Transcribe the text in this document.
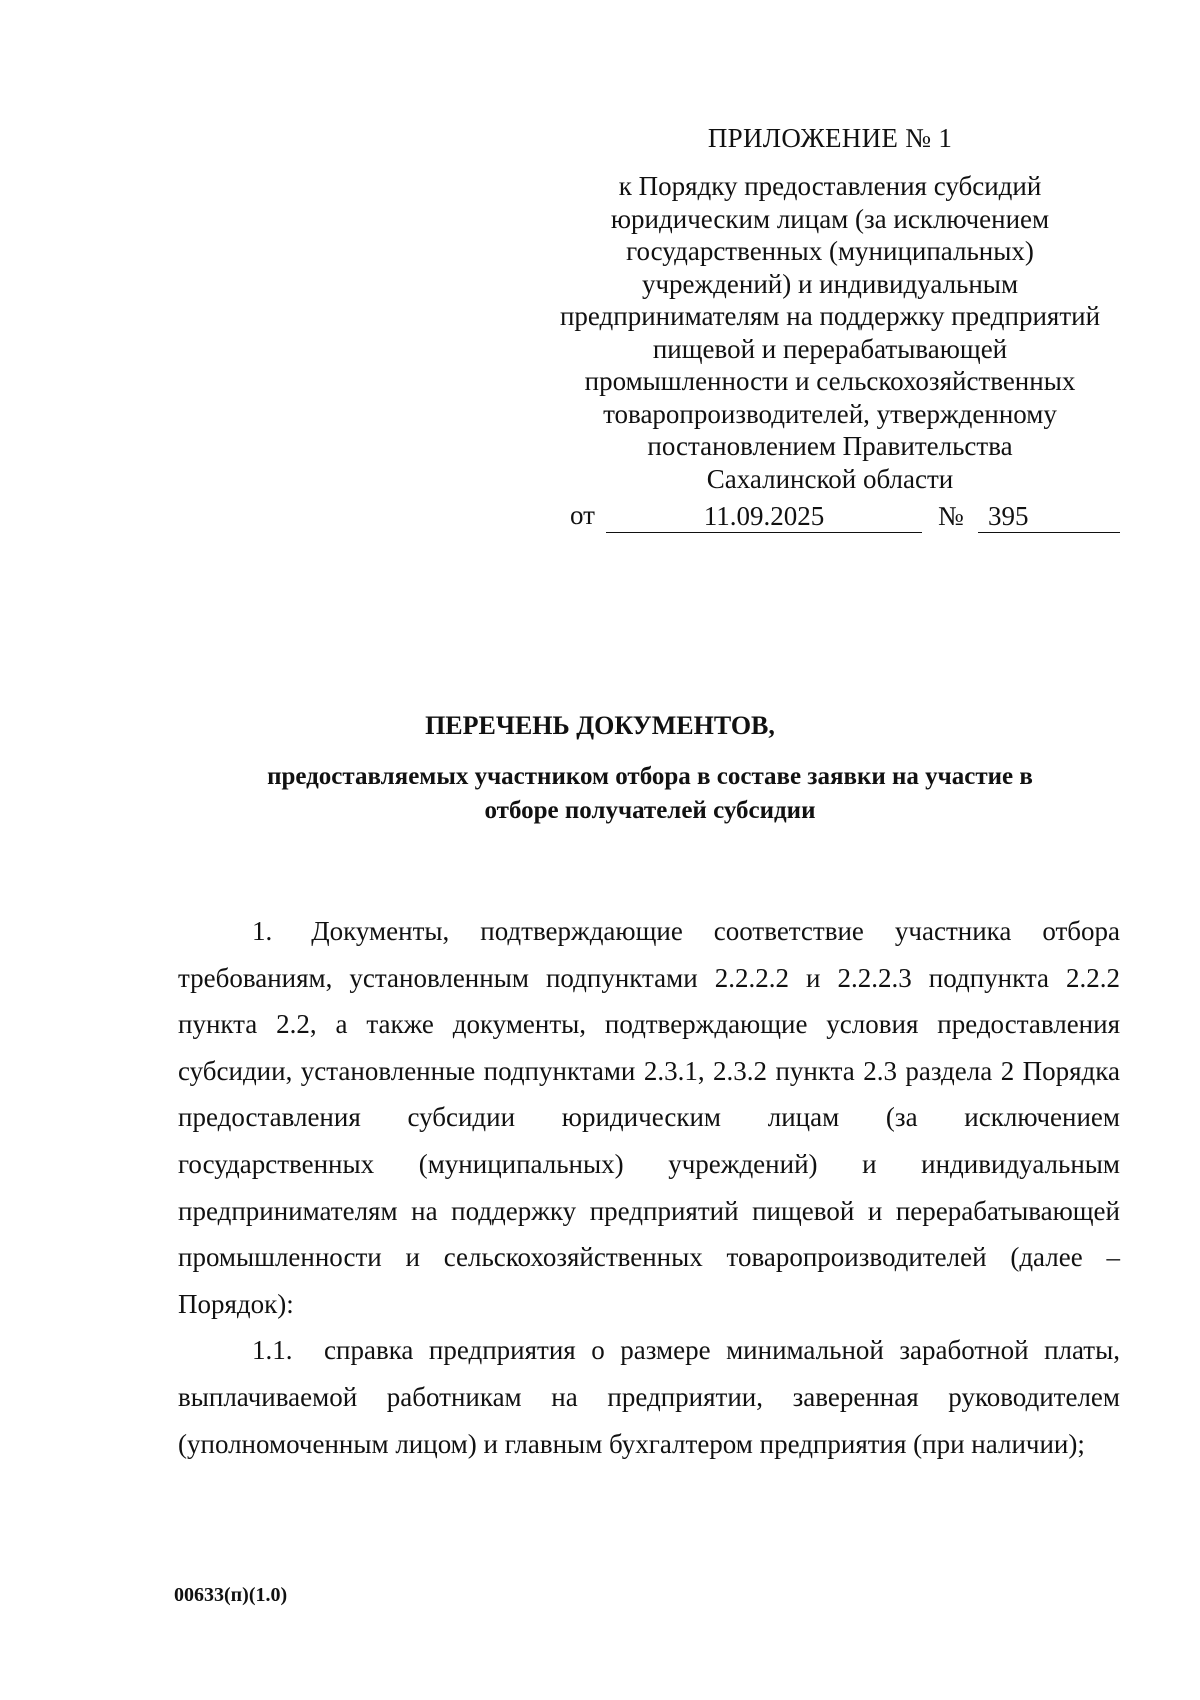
ПРИЛОЖЕНИЕ № 1
к Порядку предоставления субсидий
юридическим лицам (за исключением
государственных (муниципальных)
учреждений) и индивидуальным
предпринимателям на поддержку предприятий
пищевой и перерабатывающей
промышленности и сельскохозяйственных
товаропроизводителей, утвержденному
постановлением Правительства
Сахалинской области
от	11.09.2025	№ 395
ПЕРЕЧЕНЬ ДОКУМЕНТОВ,
предоставляемых участником отбора в составе заявки на участие в
отборе получателей субсидии

1. Документы, подтверждающие соответствие участника отбора требованиям, установленным подпунктами 2.2.2.2 и 2.2.2.3 подпункта 2.2.2 пункта 2.2, а также документы, подтверждающие условия предоставления субсидии, установленные подпунктами 2.3.1, 2.3.2 пункта 2.3 раздела 2 Порядка предоставления субсидии юридическим лицам (за исключением государственных (муниципальных) учреждений) и индивидуальным предпринимателям на поддержку предприятий пищевой и перерабатывающей промышленности и сельскохозяйственных товаропроизводителей (далее – Порядок):

1.1. справка предприятия о размере минимальной заработной платы, выплачиваемой работникам на предприятии, заверенная руководителем (уполномоченным лицом) и главным бухгалтером предприятия (при наличии);

00633(п)(1.0)
